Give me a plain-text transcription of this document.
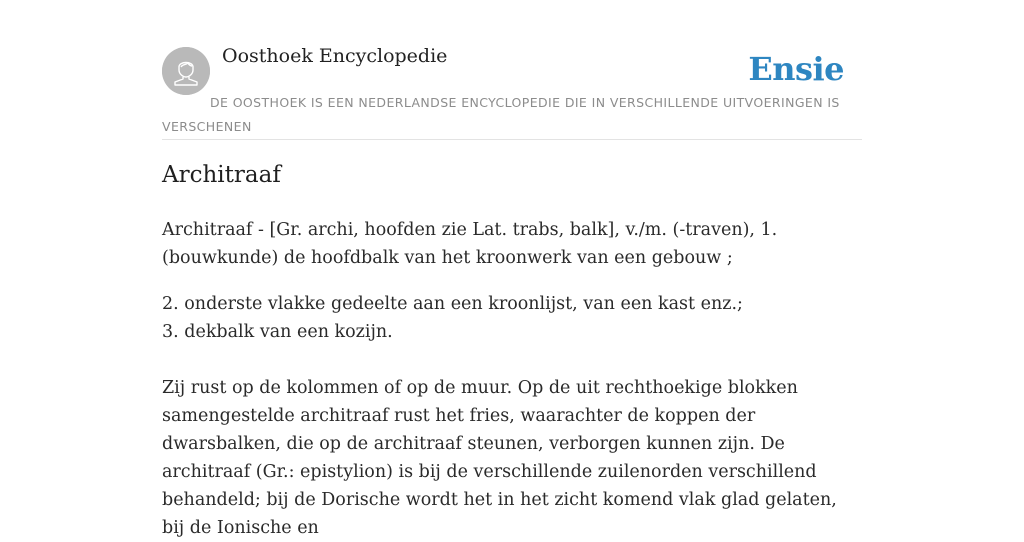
Oosthoek Encyclopedie	Ensie
DE OOSTHOEK IS EEN NEDERLANDSE ENCYCLOPEDIE DIE IN VERSCHILLENDE UITVOERINGEN IS VERSCHENEN
Architraaf

Architraaf - [Gr. archi, hoofden zie Lat. trabs, balk], v./m. (-traven), 1. (bouwkunde) de hoofdbalk van het kroonwerk van een gebouw ;

2. onderste vlakke gedeelte aan een kroonlijst, van een kast enz.;
3. dekbalk van een kozijn.

Zij rust op de kolommen of op de muur. Op de uit rechthoekige blokken samengestelde architraaf rust het fries, waarachter de koppen der dwarsbalken, die op de architraaf steunen, verborgen kunnen zijn. De architraaf (Gr.: epistylion) is bij de verschillende zuilenorden verschillend behandeld; bij de Dorische wordt het in het zicht komend vlak glad gelaten, bij de Ionische en
